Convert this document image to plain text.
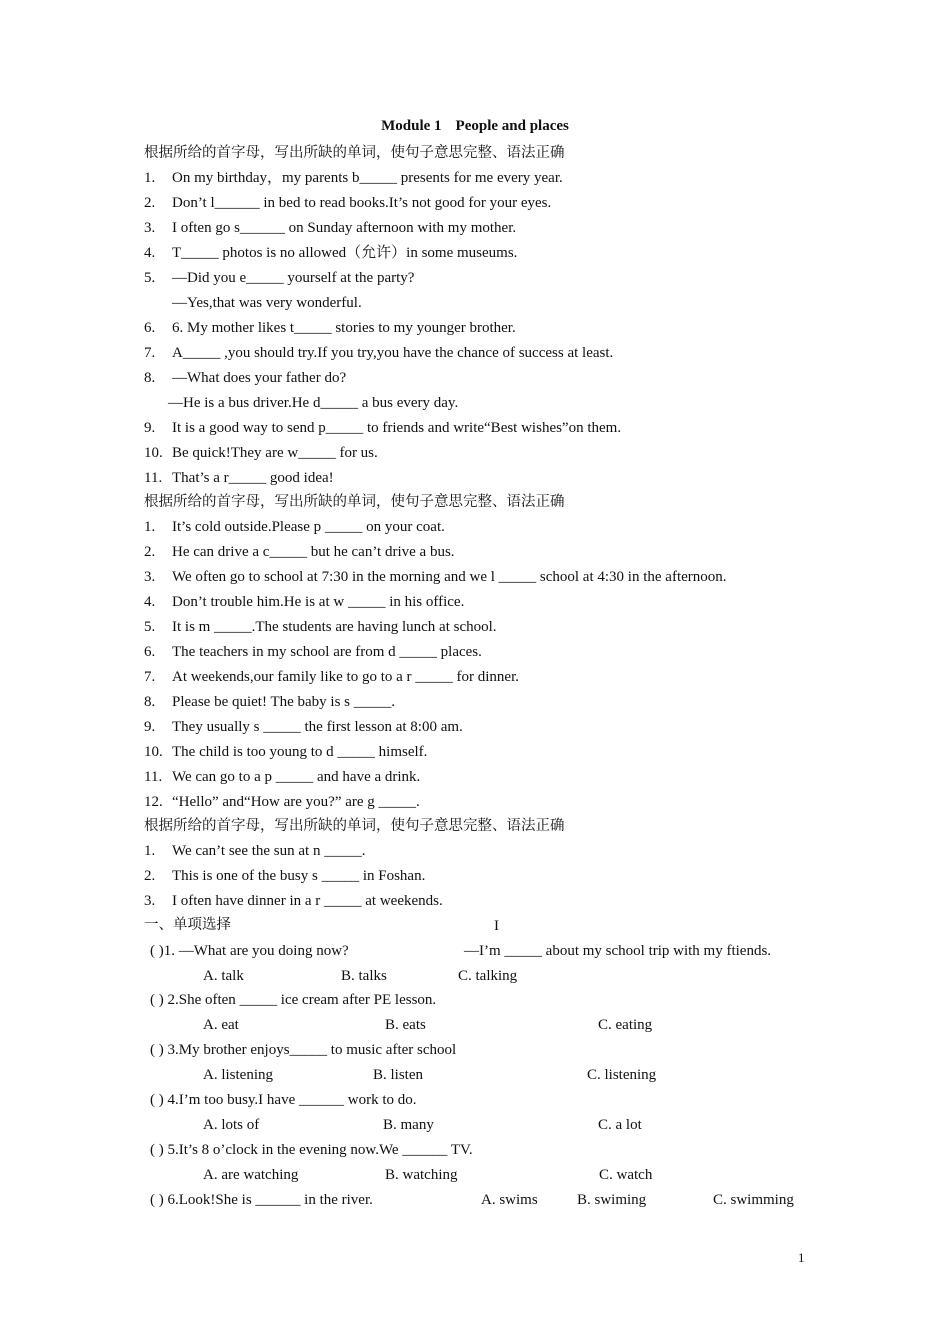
Module 1 People and places
根据所给的首字母，写出所缺的单词，使句子意思完整、语法正确
1. On my birthday，my parents b_____ presents for me every year.
2. Don’t l______ in bed to read books.It’s not good for your eyes.
3. I often go s______ on Sunday afternoon with my mother.
4. T_____ photos is no allowed（允许）in some museums.
5. —Did you e_____ yourself at the party?
—Yes,that was very wonderful.
6. 6. My mother likes t_____ stories to my younger brother.
7. A_____ ,you should try.If you try,you have the chance of success at least.
8. —What does your father do?
—He is a bus driver.He d_____ a bus every day.
9. It is a good way to send p_____ to friends and write“Best wishes”on them.
10. Be quick!They are w_____ for us.
11. That’s a r_____ good idea!
根据所给的首字母，写出所缺的单词，使句子意思完整、语法正确
1. It’s cold outside.Please p _____ on your coat.
2. He can drive a c_____ but he can’t drive a bus.
3. We often go to school at 7:30 in the morning and we l _____ school at 4:30 in the afternoon.
4. Don’t trouble him.He is at w _____ in his office.
5. It is m _____.The students are having lunch at school.
6. The teachers in my school are from d _____ places.
7. At weekends,our family like to go to a r _____ for dinner.
8. Please be quiet! The baby is s _____.
9. They usually s _____ the first lesson at 8:00 am.
10. The child is too young to d _____ himself.
11. We can go to a p _____ and have a drink.
12. “Hello” and“How are you?” are g _____.
根据所给的首字母，写出所缺的单词，使句子意思完整、语法正确
1. We can’t see the sun at n _____.
2. This is one of the busy s _____ in Foshan.
3. I often have dinner in a r _____ at weekends.
一、单项选择	I
( )1. —What are you doing now?	—I’m _____ about my school trip with my ftiends.
A. talk	B. talks	C. talking
( ) 2.She often _____ ice cream after PE lesson.
A. eat	B. eats	C. eating
( ) 3.My brother enjoys_____ to music after school
A. listening	B. listen	C. listening
( ) 4.I’m too busy.I have ______ work to do.
A. lots of	B. many	C. a lot
( ) 5.It’s 8 o’clock in the evening now.We ______ TV.
A. are watching	B. watching	C. watch
( ) 6.Look!She is ______ in the river.	A. swims	B. swiming	C. swimming
1
